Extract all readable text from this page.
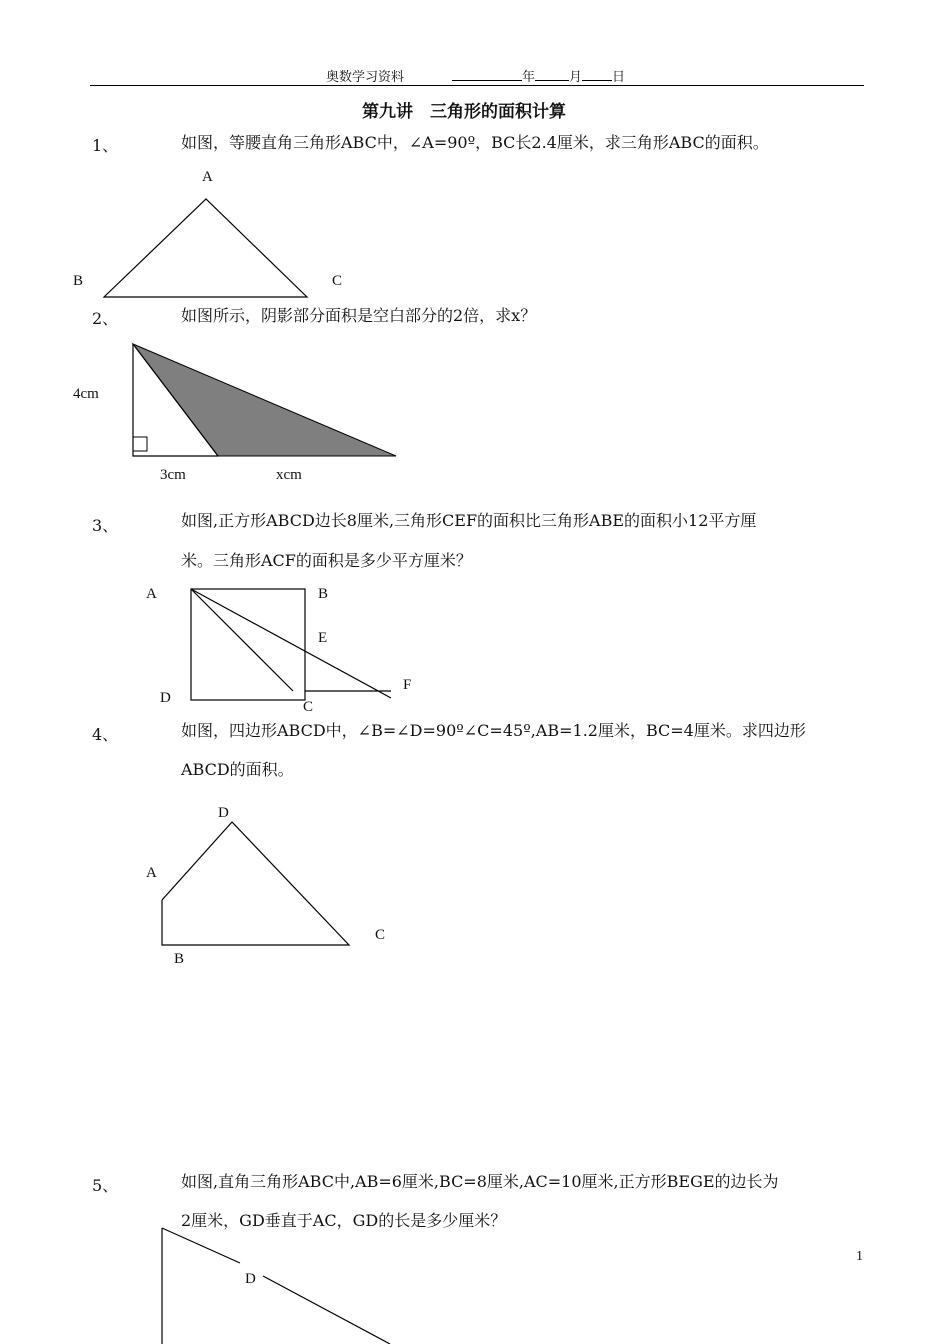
奥数学习资料	年	月 日
第九讲　三角形的面积计算
1、	如图，等腰直角三角形ABC中，∠A=90º，BC长2.4厘米，求三角形ABC的面积。
A
B	C
2、	如图所示，阴影部分面积是空白部分的2倍，求x？
4cm
3cm	xcm
3、	如图,正方形ABCD边长8厘米,三角形CEF的面积比三角形ABE的面积小12平方厘
米。三角形ACF的面积是多少平方厘米？
A	B
E
D
C
F
4、	如图，四边形ABCD中，∠B=∠D=90º∠C=45º,AB=1.2厘米，BC=4厘米。求四边形
ABCD的面积。
D
A
C
B
5、	如图,直角三角形ABC中,AB=6厘米,BC=8厘米,AC=10厘米,正方形BEGE的边长为
2厘米，GD垂直于AC，GD的长是多少厘米？
D
1
